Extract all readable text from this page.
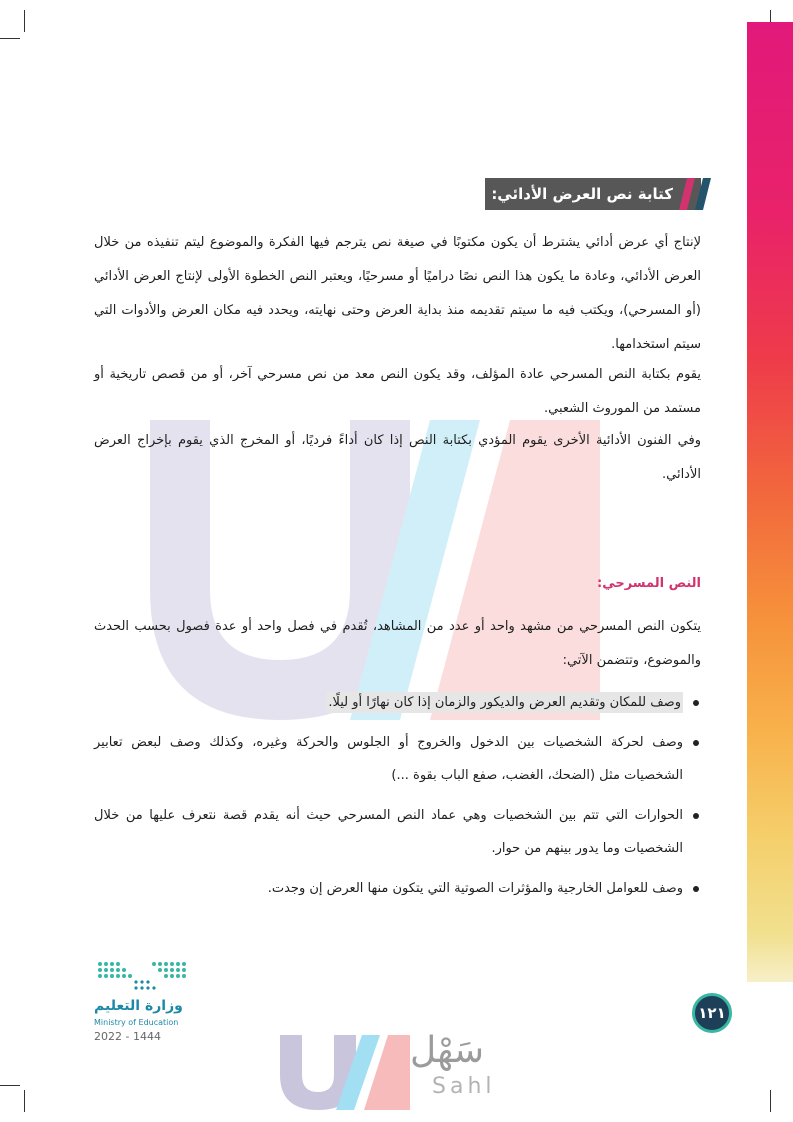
كتابة نص العرض الأدائي:
لإنتاج أي عرض أدائي يشترط أن يكون مكتوبًا في صيغة نص يترجم فيها الفكرة والموضوع ليتم تنفيذه من خلال العرض الأدائي، وعادة ما يكون هذا النص نصًا دراميًا أو مسرحيًا، ويعتبر النص الخطوة الأولى لإنتاج العرض الأدائي (أو المسرحي)، ويكتب فيه ما سيتم تقديمه منذ بداية العرض وحتى نهايته، ويحدد فيه مكان العرض والأدوات التي سيتم استخدامها.
يقوم بكتابة النص المسرحي عادة المؤلف، وقد يكون النص معد من نص مسرحي آخر، أو من قصص تاريخية أو مستمد من الموروث الشعبي.
وفي الفنون الأدائية الأخرى يقوم المؤدي بكتابة النص إذا كان أداءً فرديًا، أو المخرج الذي يقوم بإخراج العرض الأدائي.
النص المسرحي:
يتكون النص المسرحي من مشهد واحد أو عدد من المشاهد، تُقدم في فصل واحد أو عدة فصول بحسب الحدث والموضوع، وتتضمن الآتي:
وصف للمكان وتقديم العرض والديكور والزمان إذا كان نهارًا أو ليلًا.
وصف لحركة الشخصيات بين الدخول والخروج أو الجلوس والحركة وغيره، وكذلك وصف لبعض تعابير الشخصيات مثل (الضحك، الغضب، صفع الباب بقوة ...)
الحوارات التي تتم بين الشخصيات وهي عماد النص المسرحي حيث أنه يقدم قصة نتعرف عليها من خلال الشخصيات وما يدور بينهم من حوار.
وصف للعوامل الخارجية والمؤثرات الصوتية التي يتكون منها العرض إن وجدت.
وزارة التعليم
Ministry of Education
2022 - 1444
١٢١
سَهْل
Sahl
